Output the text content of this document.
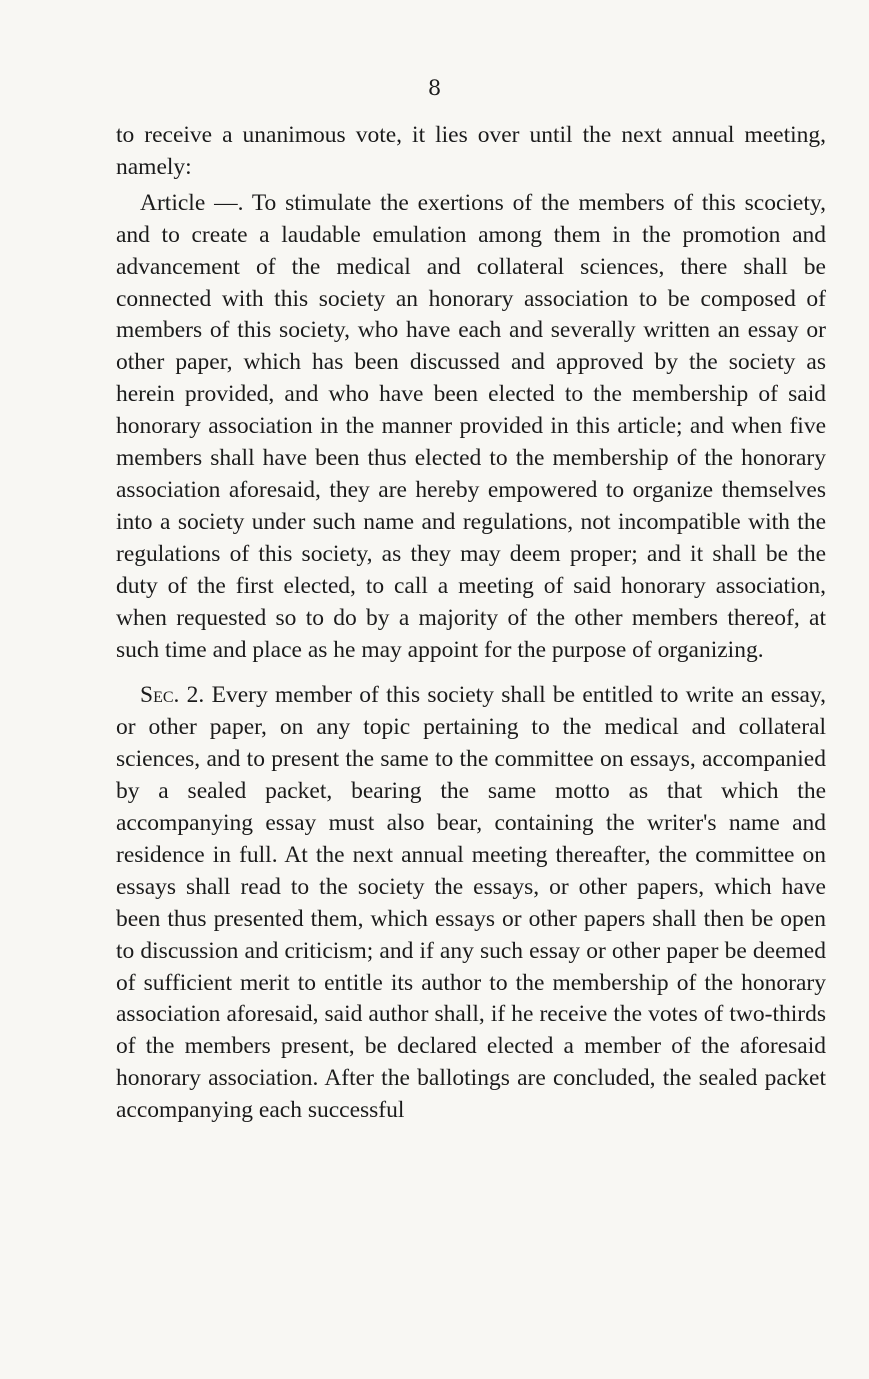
8

to receive a unanimous vote, it lies over until the next annual meeting, namely:

Article —. To stimulate the exertions of the members of this scociety, and to create a laudable emulation among them in the promotion and advancement of the medical and collateral sciences, there shall be connected with this society an honorary association to be composed of members of this society, who have each and severally written an essay or other paper, which has been discussed and approved by the society as herein provided, and who have been elected to the membership of said honorary association in the manner provided in this article; and when five members shall have been thus elected to the membership of the honorary association aforesaid, they are hereby empowered to organize themselves into a society under such name and regulations, not incompatible with the regulations of this society, as they may deem proper; and it shall be the duty of the first elected, to call a meeting of said honorary association, when requested so to do by a majority of the other members thereof, at such time and place as he may appoint for the purpose of organizing.

Sec. 2. Every member of this society shall be entitled to write an essay, or other paper, on any topic pertaining to the medical and collateral sciences, and to present the same to the committee on essays, accompanied by a sealed packet, bearing the same motto as that which the accompanying essay must also bear, containing the writer's name and residence in full. At the next annual meeting thereafter, the committee on essays shall read to the society the essays, or other papers, which have been thus presented them, which essays or other papers shall then be open to discussion and criticism; and if any such essay or other paper be deemed of sufficient merit to entitle its author to the membership of the honorary association aforesaid, said author shall, if he receive the votes of two-thirds of the members present, be declared elected a member of the aforesaid honorary association. After the ballotings are concluded, the sealed packet accompanying each successful
